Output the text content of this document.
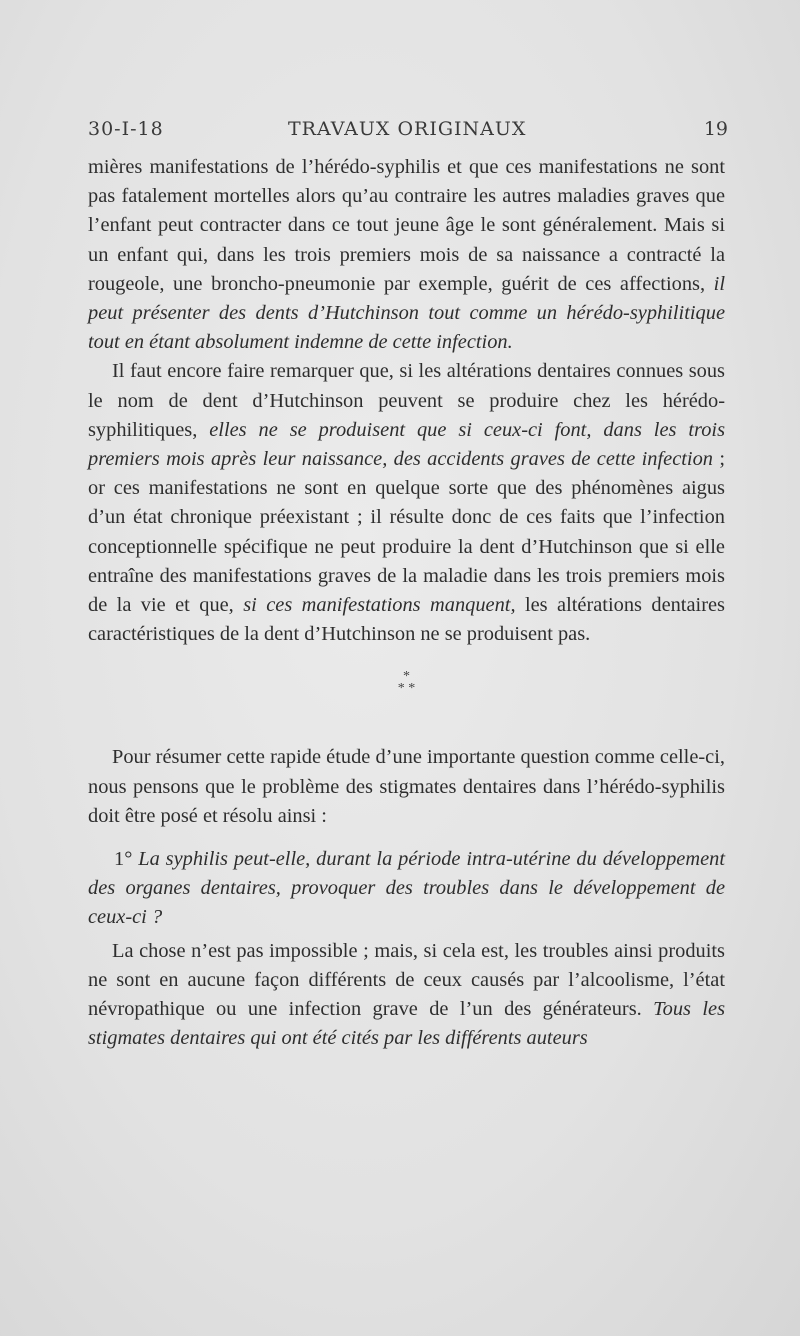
30-I-18	TRAVAUX ORIGINAUX	19

mières manifestations de l’hérédo-syphilis et que ces manifestations ne sont pas fatalement mortelles alors qu’au contraire les autres maladies graves que l’enfant peut contracter dans ce tout jeune âge le sont généralement. Mais si un enfant qui, dans les trois premiers mois de sa naissance a contracté la rougeole, une broncho-pneumonie par exemple, guérit de ces affections, il peut présenter des dents d’Hutchinson tout comme un hérédo-syphilitique tout en étant absolument indemne de cette infection.

Il faut encore faire remarquer que, si les altérations dentaires connues sous le nom de dent d’Hutchinson peuvent se produire chez les hérédo-syphilitiques, elles ne se produisent que si ceux-ci font, dans les trois premiers mois après leur naissance, des accidents graves de cette infection ; or ces manifestations ne sont en quelque sorte que des phénomènes aigus d’un état chronique préexistant ; il résulte donc de ces faits que l’infection conceptionnelle spécifique ne peut produire la dent d’Hutchinson que si elle entraîne des manifestations graves de la maladie dans les trois premiers mois de la vie et que, si ces manifestations manquent, les altérations dentaires caractéristiques de la dent d’Hutchinson ne se produisent pas.

*
* *

Pour résumer cette rapide étude d’une importante question comme celle-ci, nous pensons que le problème des stigmates dentaires dans l’hérédo-syphilis doit être posé et résolu ainsi :

1° La syphilis peut-elle, durant la période intra-utérine du développement des organes dentaires, provoquer des troubles dans le développement de ceux-ci ?

La chose n’est pas impossible ; mais, si cela est, les troubles ainsi produits ne sont en aucune façon différents de ceux causés par l’alcoolisme, l’état névropathique ou une infection grave de l’un des générateurs. Tous les stigmates dentaires qui ont été cités par les différents auteurs
